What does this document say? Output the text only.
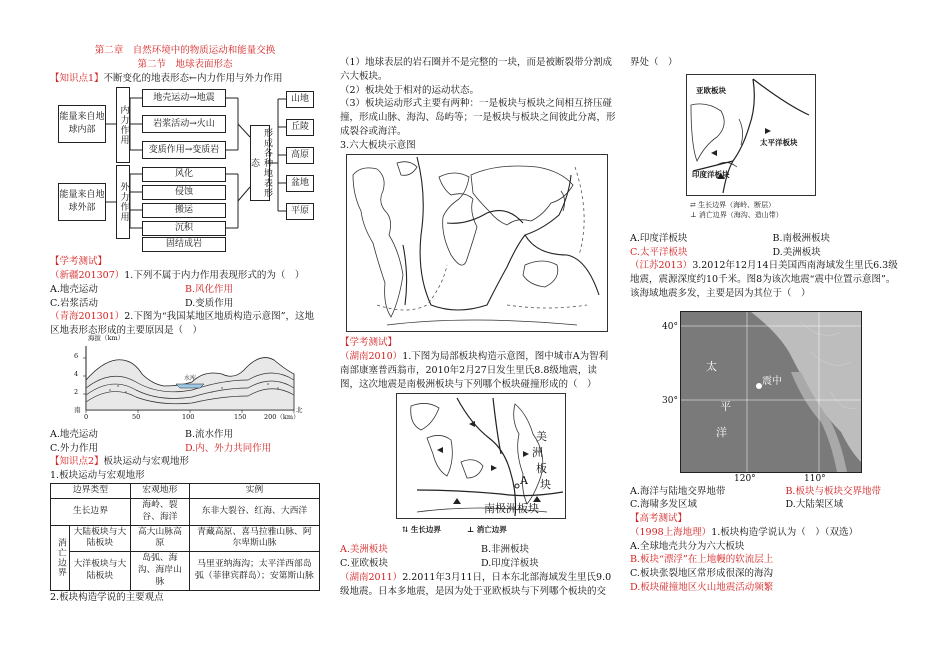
第二章　自然环境中的物质运动和能量交换

第二节　地球表面形态

【知识点1】不断变化的地表形态←内力作用与外力作用

能量来自地球内部	内力作用
地壳运动→地震
岩浆活动→火山
变质作用→变质岩
能量来自地球外部	外力作用
风化
侵蚀
搬运
沉积
形成各种地表形态
山地
丘陵
高原
盆地
平原
固结成岩

【学考测试】

（新疆201307）1.下列不属于内力作用表现形式的为（　）

A.地壳运动	B.风化作用
C.岩浆活动	D.变质作用

（青海201301）2.下图为“我国某地区地质构造示意图”，这地

区地表形态形成的主要原因是（　）

海拔（km）
6
4
2
水库
南	北
0	50	100	150	200（km）
A.地壳运动	B.流水作用
C.外力作用	D.内、外力共同作用

【知识点2】板块运动与宏观地形

1.板块运动与宏观地形

边界类型		宏观地形	实例
生长边界		海岭、裂谷、海洋	东非大裂谷、红海、大西洋
消亡边界	大陆板块与大陆板块	高大山脉高原	青藏高原、喜马拉雅山脉、阿尔卑斯山脉
	大洋板块与大陆板块	岛弧、海沟、海岸山脉	马里亚纳海沟；太平洋西部岛弧（菲律宾群岛）；安第斯山脉

2.板块构造学说的主要观点

（1）地球表层的岩石圈并不是完整的一块，而是被断裂带分割成

六大板块。

（2）板块处于相对的运动状态。

（3）板块运动形式主要有两种：一是板块与板块之间相互挤压碰

撞，形成山脉、海沟、岛屿等；一是板块与板块之间彼此分离，形

成裂谷或海洋。

3.六大板块示意图

【学考测试】

（湖南2010）1.下图为局部板块构造示意图，图中城市A为智利

南部康塞普西翁市，2010年2月27日发生里氏8.8级地震，读

图，这次地震是南极洲板块与下列哪个板块碰撞形成的（　）

美
洲
板
块
A
南极洲板块
⇅ 生长边界	⊥ 消亡边界
A.美洲板块	B.非洲板块
C.亚欧板块	D.印度洋板块

（湖南2011）2.2011年3月11日，日本东北部海域发生里氏9.0

级地震。日本多地震，是因为处于亚欧板块与下列哪个板块的交

界处（　）

亚欧板块
太平洋板块
印度洋板块
⇄ 生长边界（海岭、断层）
⊥ 消亡边界（海沟、造山带）
A.印度洋板块	B.南极洲板块
C.太平洋板块	D.美洲板块

（江苏2013）3.2012年12月14日美国西南海域发生里氏6.3级

地震，震源深度约10千米。图8为该次地震“震中位置示意图”。

该海域地震多发，主要是因为其位于（　）

40°
30°
120°	110°
太
平
洋
震中
A.海洋与陆地交界地带	B.板块与板块交界地带
C.海啸多发区域	D.大陆架区域

【高考测试】

（1998上海地理）1.板块构造学说认为（　）（双选）

A.全球地壳共分为六大板块

B.板块“漂浮”在上地幔的软流层上

C.板块张裂地区常形成很深的海沟

D.板块碰撞地区火山地震活动频繁
